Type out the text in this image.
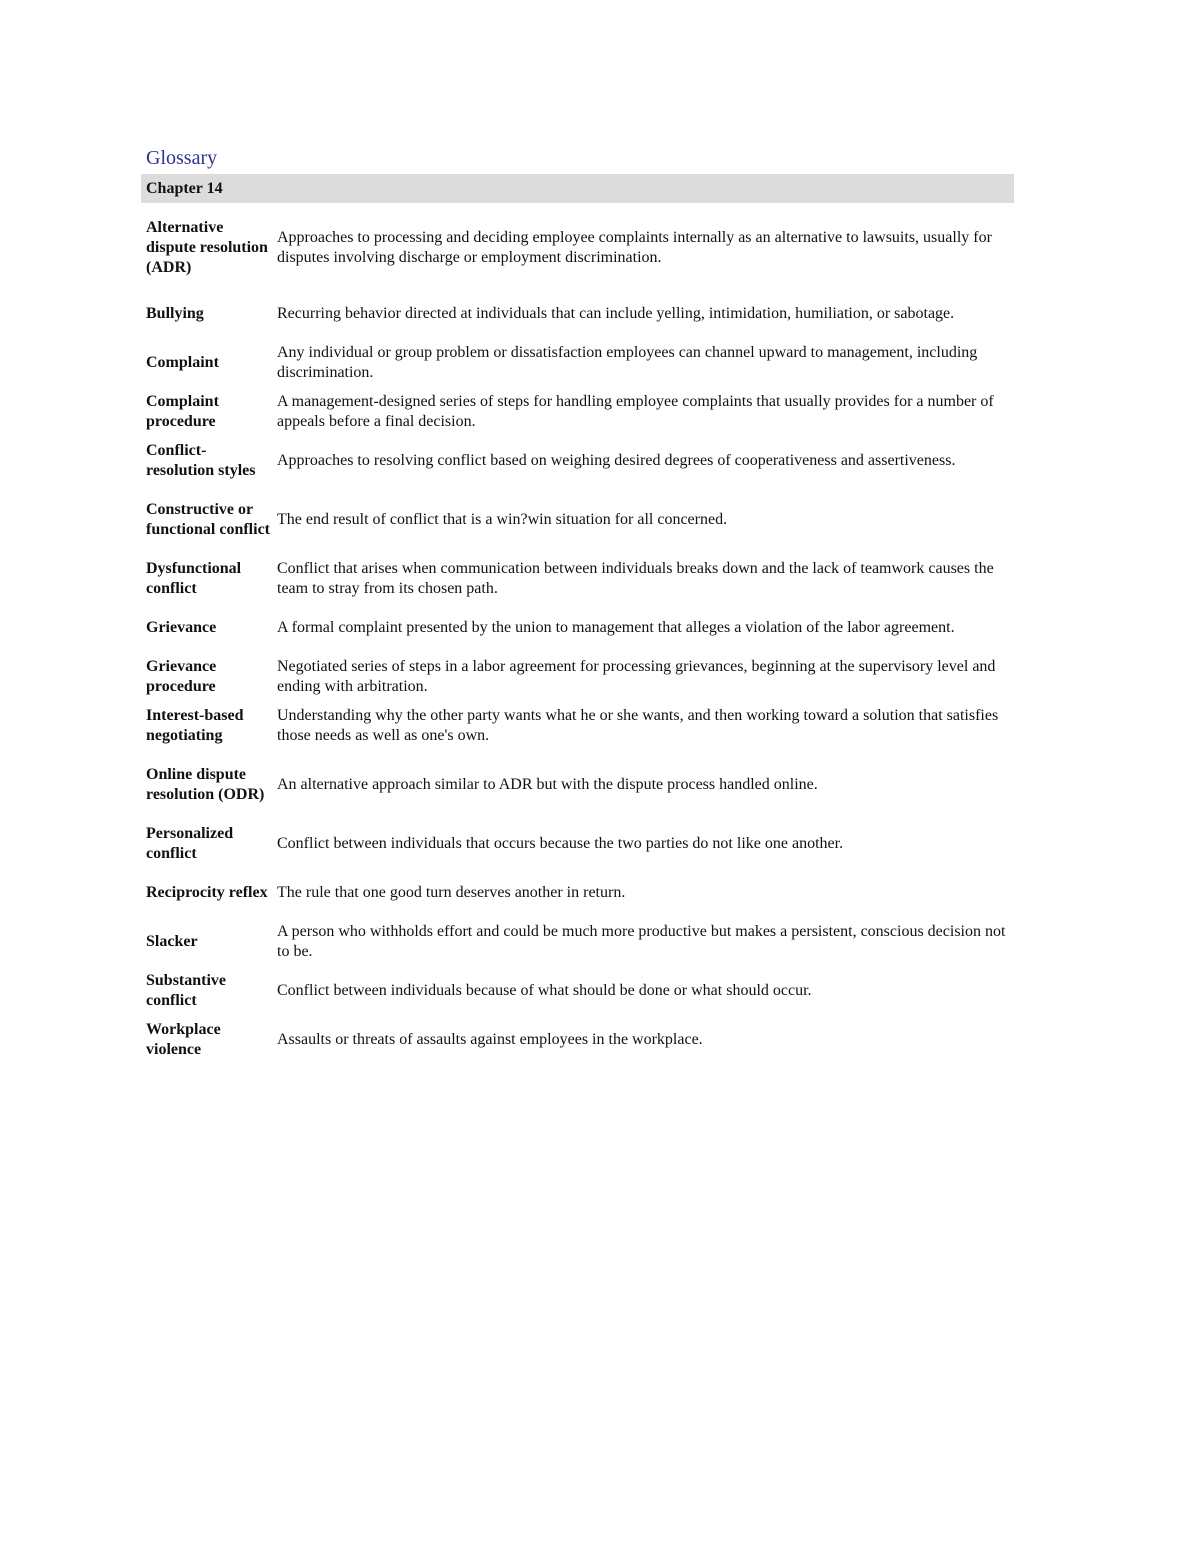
Glossary
Chapter 14
Alternative dispute resolution (ADR)
Approaches to processing and deciding employee complaints internally as an alternative to lawsuits, usually for disputes involving discharge or employment discrimination.
Bullying	Recurring behavior directed at individuals that can include yelling, intimidation, humiliation, or sabotage.
Complaint
Any individual or group problem or dissatisfaction employees can channel upward to management, including discrimination.
Complaint procedure
A management-designed series of steps for handling employee complaints that usually provides for a number of appeals before a final decision.
Conflict-resolution styles
Approaches to resolving conflict based on weighing desired degrees of cooperativeness and assertiveness.
Constructive or functional conflict
The end result of conflict that is a win?win situation for all concerned.
Dysfunctional conflict
Conflict that arises when communication between individuals breaks down and the lack of teamwork causes the team to stray from its chosen path.
Grievance	A formal complaint presented by the union to management that alleges a violation of the labor agreement.
Grievance procedure
Negotiated series of steps in a labor agreement for processing grievances, beginning at the supervisory level and ending with arbitration.
Interest-based negotiating
Understanding why the other party wants what he or she wants, and then working toward a solution that satisfies those needs as well as one's own.
Online dispute resolution (ODR)
An alternative approach similar to ADR but with the dispute process handled online.
Personalized conflict
Conflict between individuals that occurs because the two parties do not like one another.
Reciprocity reflex The rule that one good turn deserves another in return.
Slacker
A person who withholds effort and could be much more productive but makes a persistent, conscious decision not to be.
Substantive conflict
Conflict between individuals because of what should be done or what should occur.
Workplace violence
Assaults or threats of assaults against employees in the workplace.
